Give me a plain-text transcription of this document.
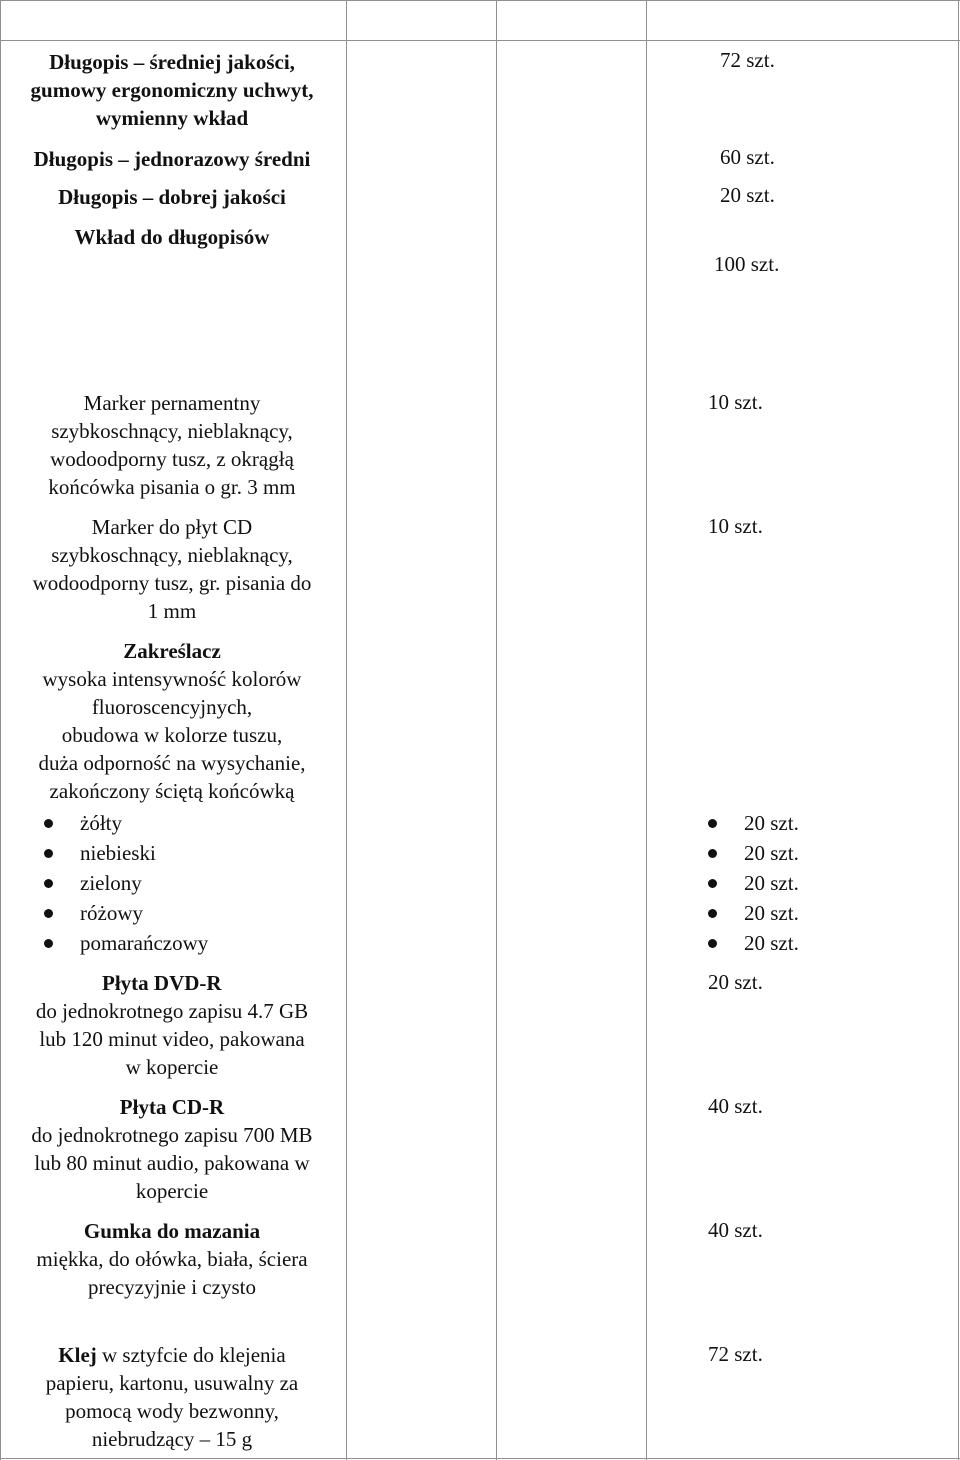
Długopis – średniej jakości,
gumowy ergonomiczny uchwyt,
wymienny wkład
72 szt.
Długopis – jednorazowy średni	60 szt.
Długopis – dobrej jakości	20 szt.
Wkład do długopisów
100 szt.
Marker pernamentny
szybkoschnący, nieblaknący,
wodoodporny tusz, z okrągłą
końcówka pisania o gr. 3 mm
10 szt.
Marker do płyt CD
szybkoschnący, nieblaknący,
wodoodporny tusz, gr. pisania do
1 mm
10 szt.
Zakreślacz
wysoka intensywność kolorów
fluoroscencyjnych,
obudowa w kolorze tuszu,
duża odporność na wysychanie,
zakończony ściętą końcówką
żółty
niebieski
zielony
różowy
pomarańczowy
20 szt.
20 szt.
20 szt.
20 szt.
20 szt.
Płyta DVD-R
do jednokrotnego zapisu 4.7 GB
lub 120 minut video, pakowana
w kopercie
20 szt.
Płyta CD-R
do jednokrotnego zapisu 700 MB
lub 80 minut audio, pakowana w
kopercie
40 szt.
Gumka do mazania
miękka, do ołówka, biała, ściera
precyzyjnie i czysto
40 szt.
Klej w sztyfcie do klejenia
papieru, kartonu, usuwalny za
pomocą wody bezwonny,
niebrudzący – 15 g
72 szt.
